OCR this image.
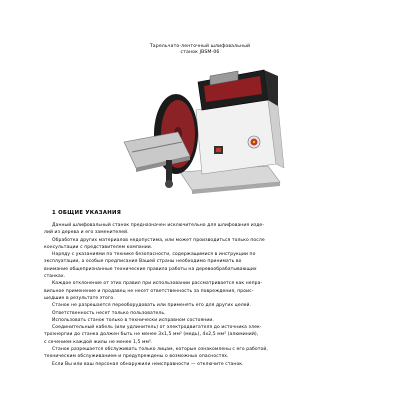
Тарельчато-ленточный шлифовальный
станок JBSM-06
1 ОБЩИЕ УКАЗАНИЯ
Данный шлифовальный станок предназначен исключительно для шлифования изде-
лий из дерева и его заменителей.
Обработка других материалов недопустима, или может производиться только после
консультации с представителем компании.
Наряду с указаниями по технике безопасности, содержащимися в инструкции по
эксплуатации, а особые предписания Вашей страны необходимо принимать во
внимание общепризнанные технические правила работы на деревообрабатывающих
станках.
Каждое отклонение от этих правил при использовании рассматривается как непра-
вильное применение и продавец не несет ответственность за повреждения, проис-
шедшие в результате этого.
Станок не разрешается переоборудовать или применять его для других целей.
Ответственность несет только пользователь.
Использовать станок только в технически исправном состоянии.
Соединительный кабель (или удлинитель) от электродвигателя до источника элек-
троэнергии до станка должен быть не менее 3х1,5 мм² (медь), 4х2,5 мм² (алюминий),
с сечением каждой жилы не менее 1,5 мм².
Станок разрешается обслуживать только лицам, которые ознакомлены с его работой,
техническим обслуживанием и предупреждены о возможных опасностях.
Если Вы или ваш персонал обнаружили неисправности — отключите станок.
